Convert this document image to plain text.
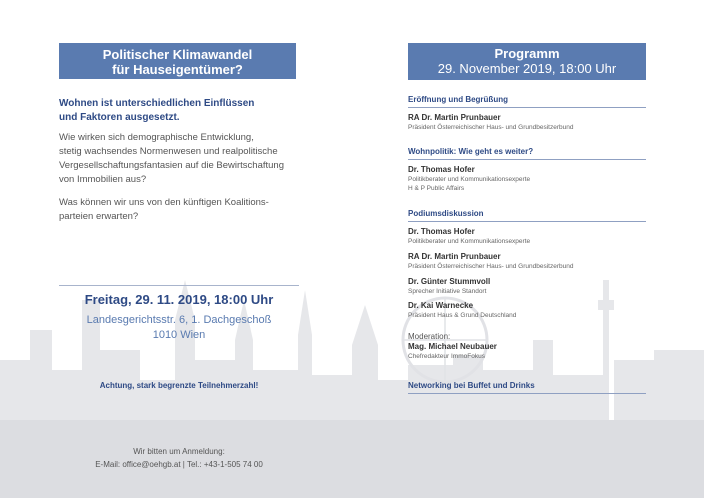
Politischer Klimawandel
für Hauseigentümer?
Wohnen ist unterschiedlichen Einflüssen
und Faktoren ausgesetzt.
Wie wirken sich demographische Entwicklung,
stetig wachsendes Normenwesen und realpolitische
Vergesellschaftungsfantasien auf die Bewirtschaftung
von Immobilien aus?
Was können wir uns von den künftigen Koalitions-
parteien erwarten?
Freitag, 29. 11. 2019, 18:00 Uhr
Landesgerichtsstr. 6, 1. Dachgeschoß
1010 Wien
Achtung, stark begrenzte Teilnehmerzahl!
Wir bitten um Anmeldung:
E-Mail: office@oehgb.at | Tel.: +43-1-505 74 00
Programm
29. November 2019, 18:00 Uhr
Eröffnung und Begrüßung
RA Dr. Martin Prunbauer
Präsident Österreichischer Haus- und Grundbesitzerbund
Wohnpolitik: Wie geht es weiter?
Dr. Thomas Hofer
Politikberater und Kommunikationsexperte
H & P Public Affairs
Podiumsdiskussion
Dr. Thomas Hofer
Politikberater und Kommunikationsexperte
RA Dr. Martin Prunbauer
Präsident Österreichischer Haus- und Grundbesitzerbund
Dr. Günter Stummvoll
Sprecher Initiative Standort
Dr. Kai Warnecke
Präsident Haus & Grund Deutschland
Moderation:
Mag. Michael Neubauer
Chefredakteur ImmoFokus
Networking bei Buffet und Drinks
